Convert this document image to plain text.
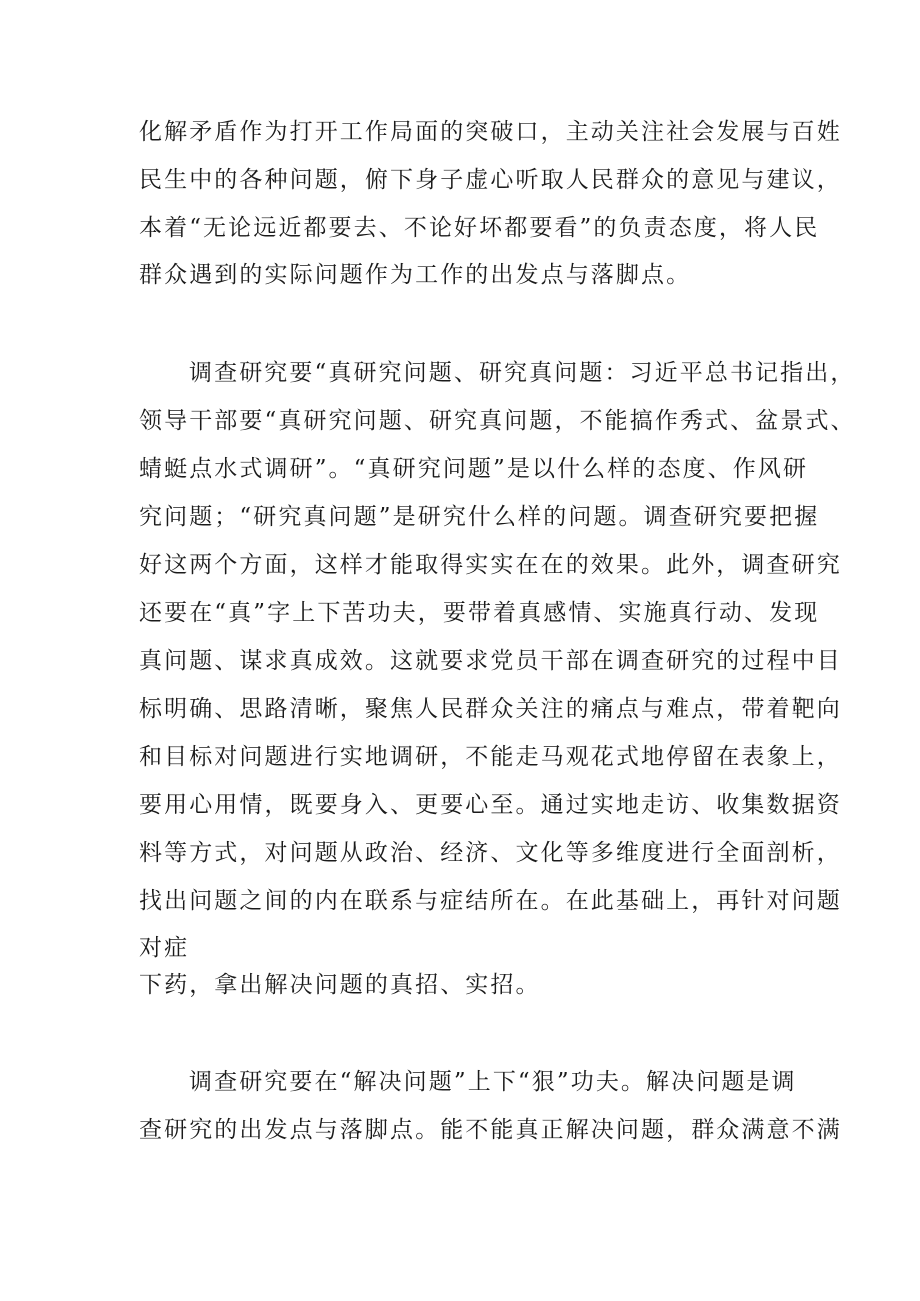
化解矛盾作为打开工作局面的突破口，主动关注社会发展与百姓

民生中的各种问题，俯下身子虚心听取人民群众的意见与建议，

本着“无论远近都要去、不论好坏都要看”的负责态度，将人民

群众遇到的实际问题作为工作的出发点与落脚点。

调查研究要“真研究问题、研究真问题：习近平总书记指出，

领导干部要“真研究问题、研究真问题，不能搞作秀式、盆景式、

蜻蜓点水式调研”。“真研究问题”是以什么样的态度、作风研

究问题；“研究真问题”是研究什么样的问题。调查研究要把握

好这两个方面，这样才能取得实实在在的效果。此外，调查研究

还要在“真”字上下苦功夫，要带着真感情、实施真行动、发现

真问题、谋求真成效。这就要求党员干部在调查研究的过程中目

标明确、思路清晰，聚焦人民群众关注的痛点与难点，带着靶向

和目标对问题进行实地调研，不能走马观花式地停留在表象上，

要用心用情，既要身入、更要心至。通过实地走访、收集数据资

料等方式，对问题从政治、经济、文化等多维度进行全面剖析，

找出问题之间的内在联系与症结所在。在此基础上，再针对问题

对症

下药，拿出解决问题的真招、实招。

调查研究要在“解决问题”上下“狠”功夫。解决问题是调

查研究的出发点与落脚点。能不能真正解决问题，群众满意不满
